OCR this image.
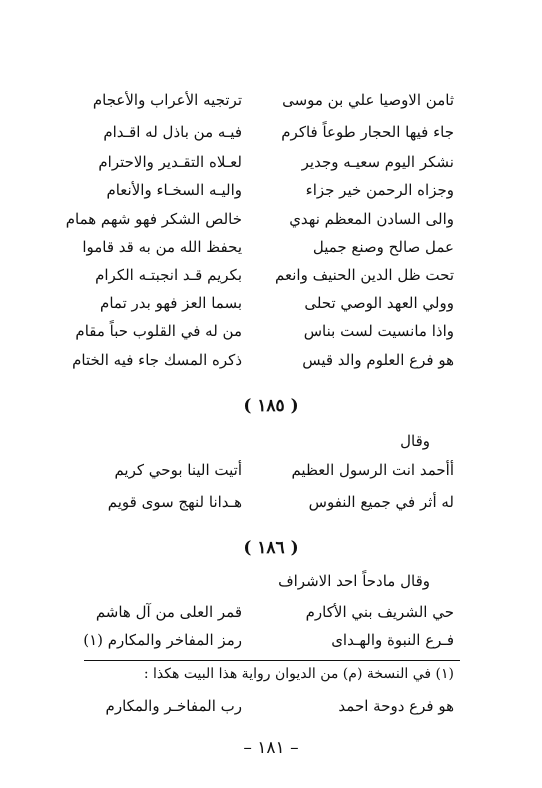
ثامن الاوصيا علي بن موسى
ترتجيه الأعراب والأعجام
جاء فيها الحجار طوعاً فاكرم
فيـه من باذل له اقـدام
نشكر اليوم سعيـه وجدير
لعـلاه التقـدير والاحترام
وجزاه الرحمن خير جزاء
واليـه السخـاء والأنعام
والى السادن المعظم نهدي
خالص الشكر فهو شهم همام
عمل صالح وصنع جميل
يحفظ الله من به قد قاموا
تحت ظل الدين الحنيف وانعم
بكريم قـد انجبتـه الكرام
وولي العهد الوصي تحلى
بسما العز فهو بدر تمام
واذا مانسيت لست بناس
من له في القلوب حباً مقام
هو فرع العلوم والد قيس
ذكره المسك جاء فيه الختام
( ١٨٥ )
وقال
أأحمد انت الرسول العظيم
أتيت الينا بوحي كريم
له أثر في جميع النفوس
هـدانا لنهج سوى قويم
( ١٨٦ )
وقال مادحاً احد الاشراف
حي الشريف بني الأكارم
قمر العلى من آل هاشم
فـرع النبوة والهـداى
رمز المفاخر والمكارم (١)
(١) في النسخة (م) من الديوان رواية هذا البيت هكذا :
هو فرع دوحة احمد
رب المفاخـر والمكارم
– ١٨١ –
